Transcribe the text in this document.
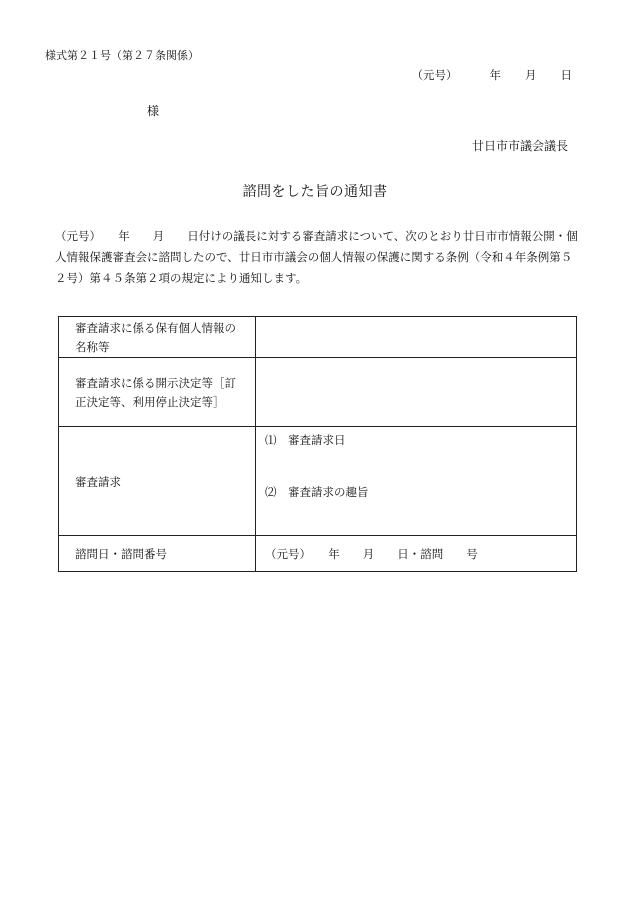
様式第２１号（第２７条関係）
（元号）	年 月 日
様
廿日市市議会議長
諮問をした旨の通知書
（元号）　　年　　月　　日付けの議長に対する審査請求について、次のとおり廿日市市情報公開・個人情報保護審査会に諮問したので、廿日市市議会の個人情報の保護に関する条例（令和４年条例第５２号）第４５条第２項の規定により通知します。
審査請求に係る保有個人情報の名称等	
審査請求に係る開示決定等［訂正決定等、利用停止決定等］	
審査請求	⑴　審査請求日
⑵　審査請求の趣旨

諮問日・諮問番号	（元号）　　年　　月　　日・諮問　　号
